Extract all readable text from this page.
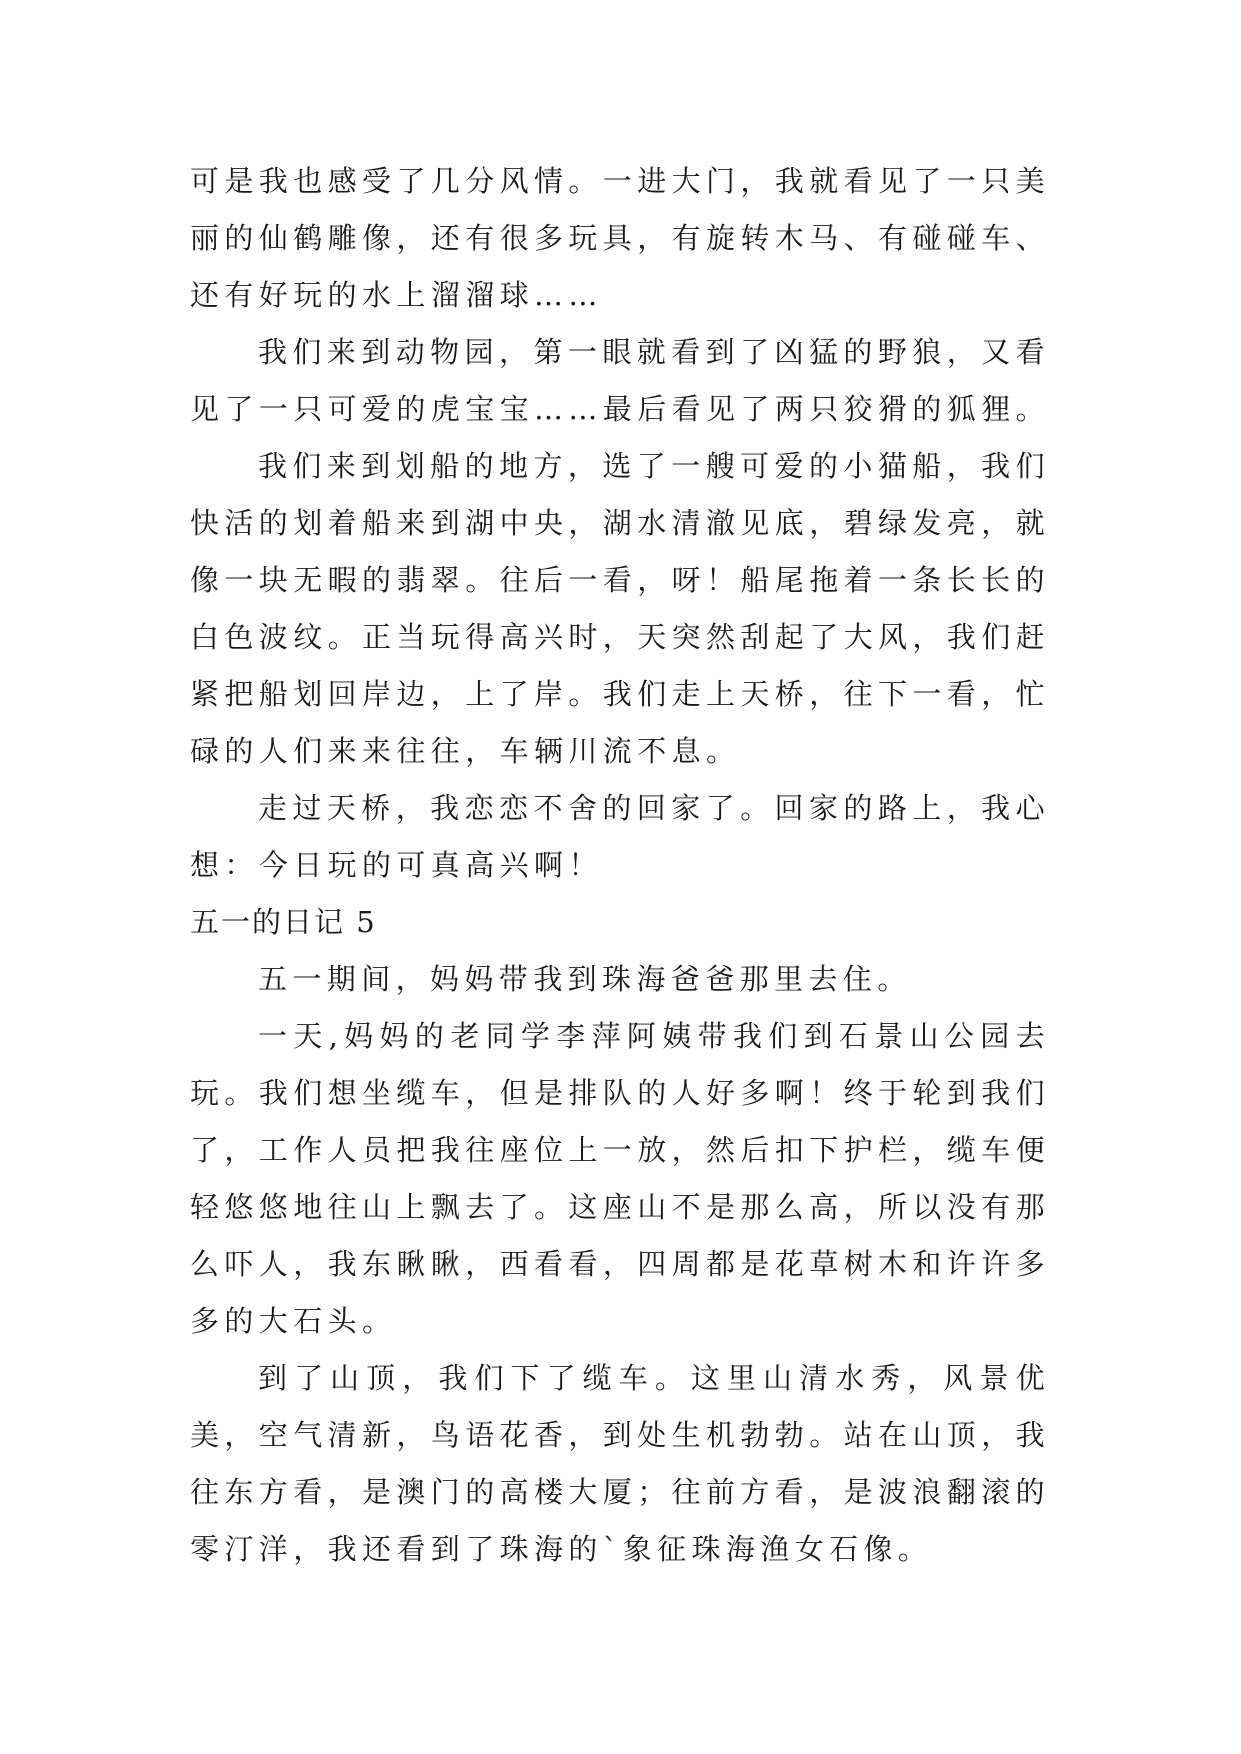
可是我也感受了几分风情。一进大门，我就看见了一只美丽的仙鹤雕像，还有很多玩具，有旋转木马、有碰碰车、还有好玩的水上溜溜球……

我们来到动物园，第一眼就看到了凶猛的野狼，又看见了一只可爱的虎宝宝……最后看见了两只狡猾的狐狸。

我们来到划船的地方，选了一艘可爱的小猫船，我们快活的划着船来到湖中央，湖水清澈见底，碧绿发亮，就像一块无暇的翡翠。往后一看，呀！船尾拖着一条长长的白色波纹。正当玩得高兴时，天突然刮起了大风，我们赶紧把船划回岸边，上了岸。我们走上天桥，往下一看，忙碌的人们来来往往，车辆川流不息。

走过天桥，我恋恋不舍的回家了。回家的路上，我心想：今日玩的可真高兴啊！

五一的日记 5

五一期间，妈妈带我到珠海爸爸那里去住。

一天,妈妈的老同学李萍阿姨带我们到石景山公园去玩。我们想坐缆车，但是排队的人好多啊！终于轮到我们了，工作人员把我往座位上一放，然后扣下护栏，缆车便轻悠悠地往山上飘去了。这座山不是那么高，所以没有那么吓人，我东瞅瞅，西看看，四周都是花草树木和许许多多的大石头。

到了山顶，我们下了缆车。这里山清水秀，风景优美，空气清新，鸟语花香，到处生机勃勃。站在山顶，我往东方看，是澳门的高楼大厦；往前方看，是波浪翻滚的零汀洋，我还看到了珠海的`象征珠海渔女石像。
